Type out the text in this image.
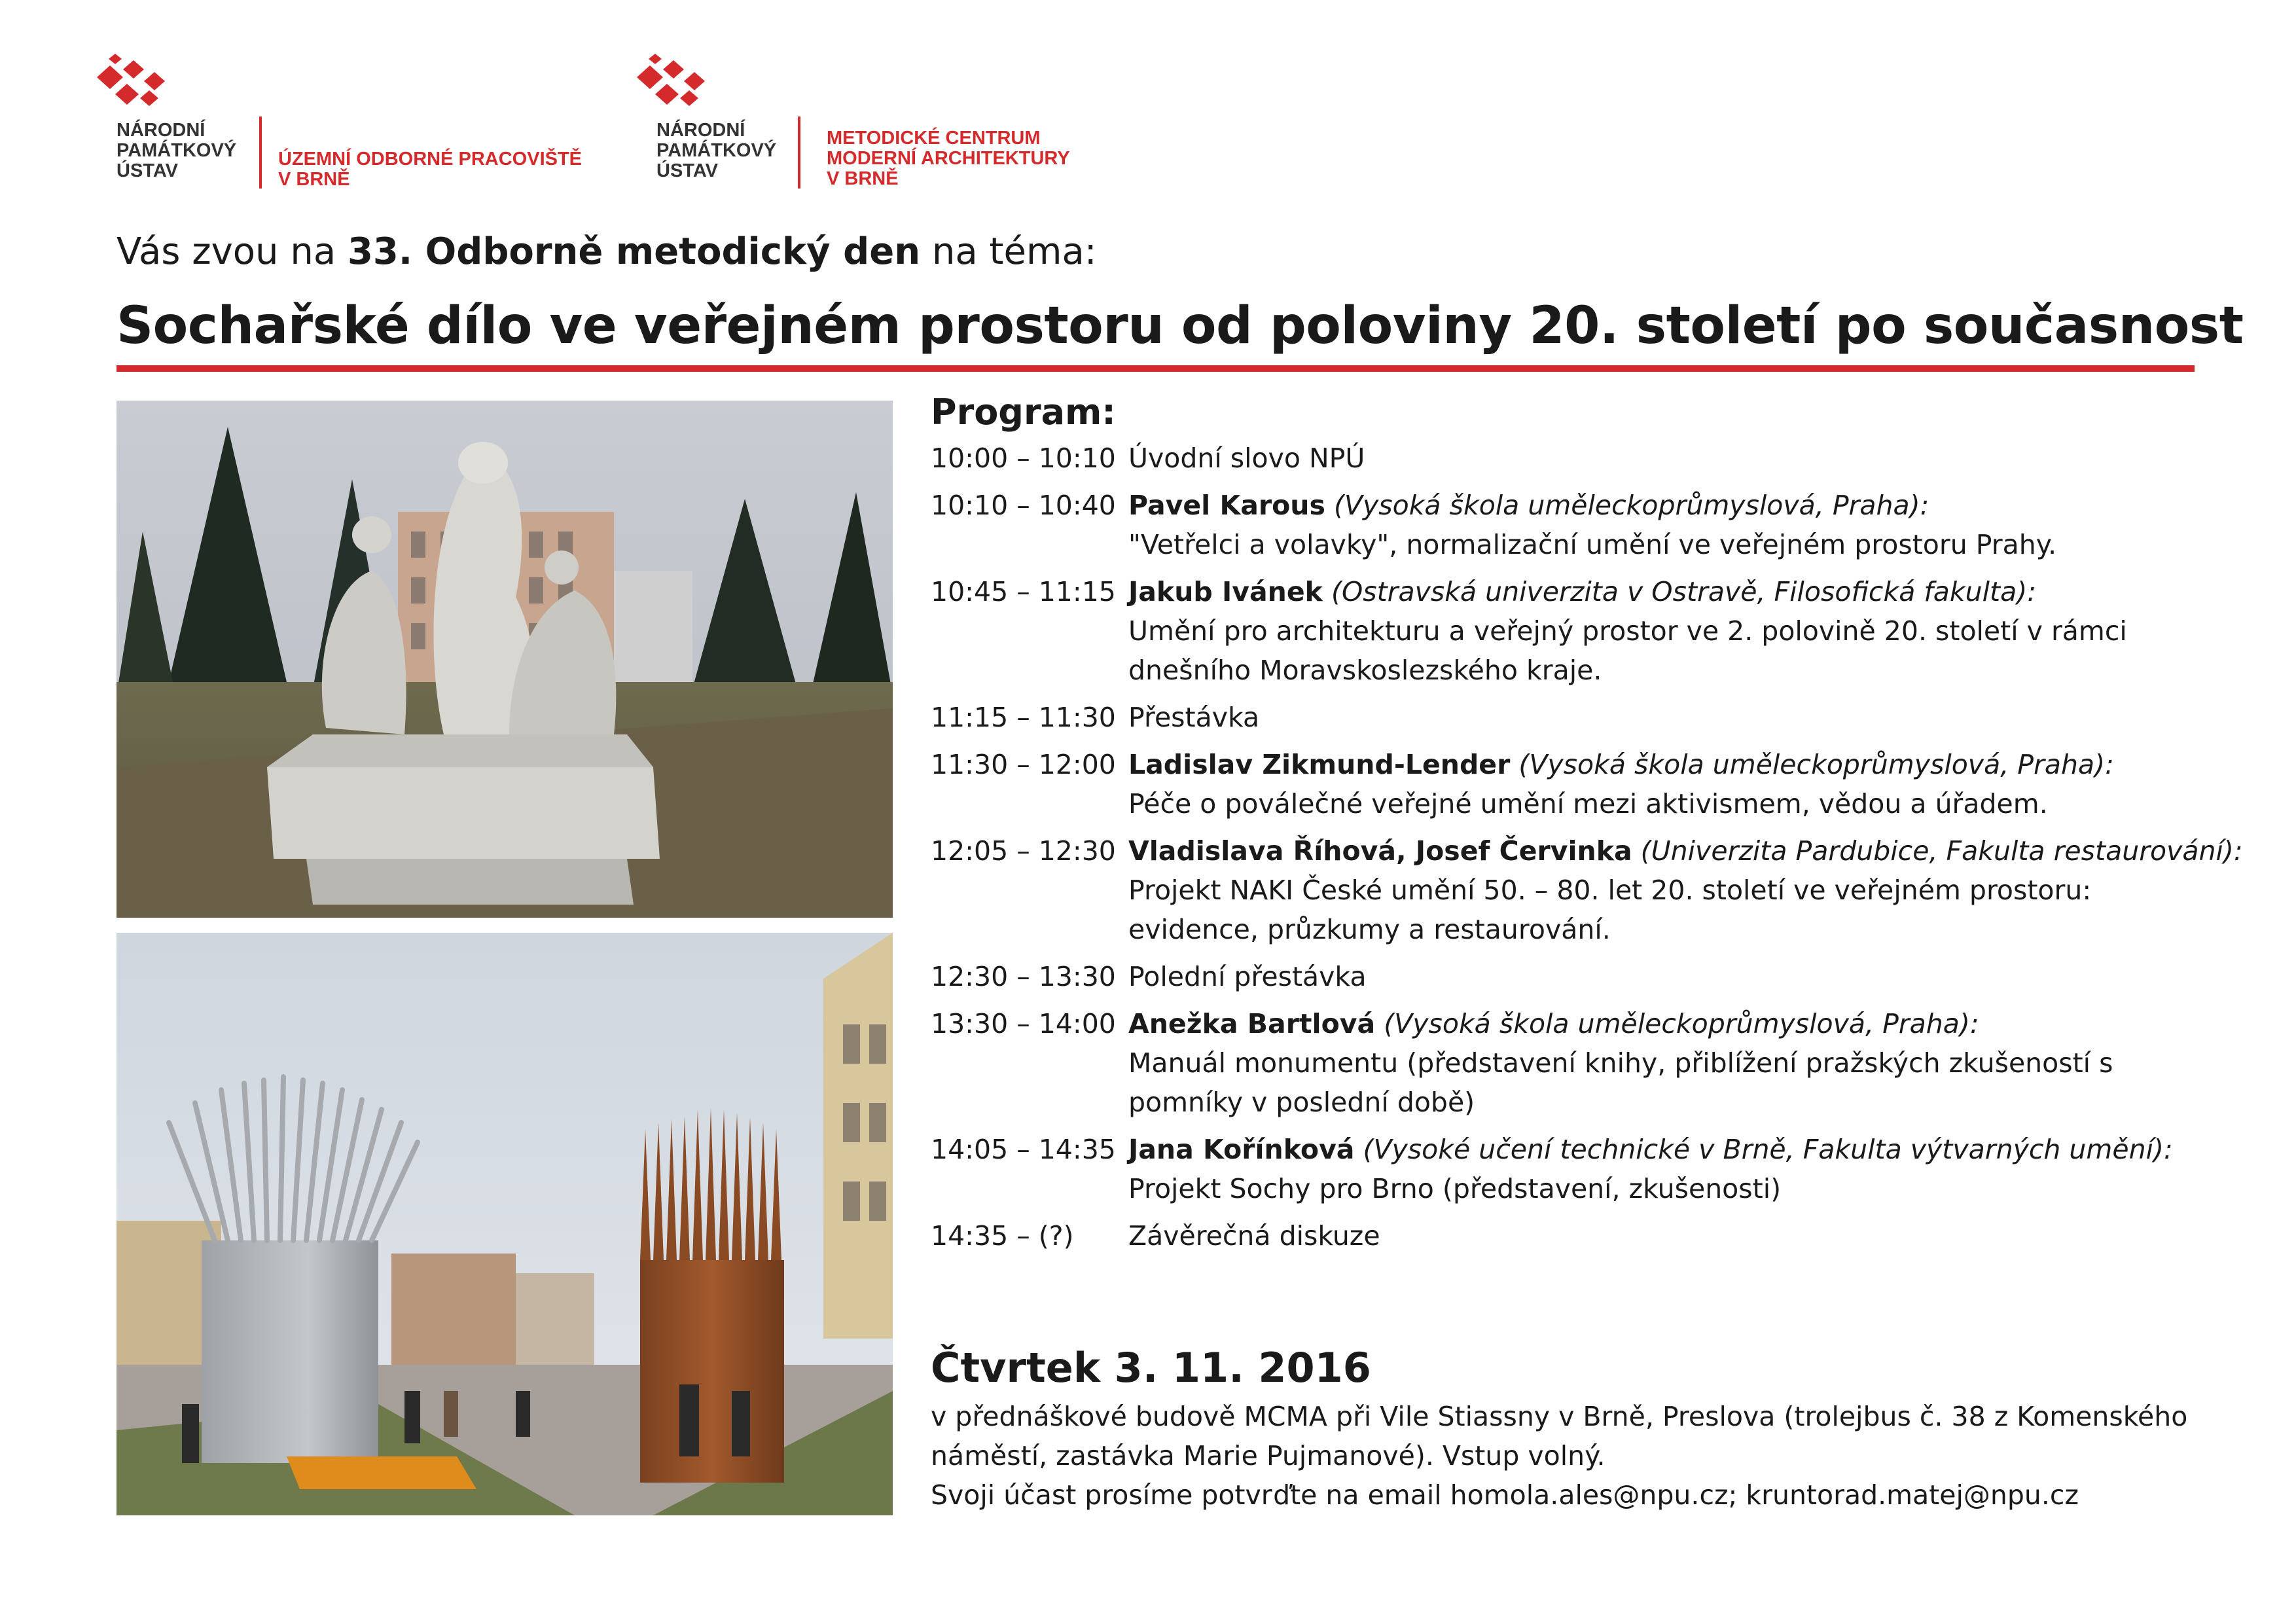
NÁRODNÍ
PAMÁTKOVÝ
ÚSTAV
ÚZEMNÍ ODBORNÉ PRACOVIŠTĚ
V BRNĚ
NÁRODNÍ
PAMÁTKOVÝ
ÚSTAV
METODICKÉ CENTRUM
MODERNÍ ARCHITEKTURY
V BRNĚ
Vás zvou na 33. Odborně metodický den na téma:
Sochařské dílo ve veřejném prostoru od poloviny 20. století po současnost
Program:
10:00 – 10:10 Úvodní slovo NPÚ
10:10 – 10:40 Pavel Karous (Vysoká škola uměleckoprůmyslová, Praha):
"Vetřelci a volavky", normalizační umění ve veřejném prostoru Prahy.
10:45 – 11:15 Jakub Ivánek (Ostravská univerzita v Ostravě, Filosofická fakulta):
Umění pro architekturu a veřejný prostor ve 2. polovině 20. století v rámci
dnešního Moravskoslezského kraje.
11:15 – 11:30 Přestávka
11:30 – 12:00 Ladislav Zikmund-Lender (Vysoká škola uměleckoprůmyslová, Praha):
Péče o poválečné veřejné umění mezi aktivismem, vědou a úřadem.
12:05 – 12:30 Vladislava Říhová, Josef Červinka (Univerzita Pardubice, Fakulta restaurování):
Projekt NAKI České umění 50. – 80. let 20. století ve veřejném prostoru:
evidence, průzkumy a restaurování.
12:30 – 13:30 Polední přestávka
13:30 – 14:00 Anežka Bartlová (Vysoká škola uměleckoprůmyslová, Praha):
Manuál monumentu (představení knihy, přiblížení pražských zkušeností s
pomníky v poslední době)
14:05 – 14:35 Jana Kořínková (Vysoké učení technické v Brně, Fakulta výtvarných umění):
Projekt Sochy pro Brno (představení, zkušenosti)
14:35 – (?) Závěrečná diskuze
Čtvrtek 3. 11. 2016
v přednáškové budově MCMA při Vile Stiassny v Brně, Preslova (trolejbus č. 38 z Komenského
náměstí, zastávka Marie Pujmanové). Vstup volný.
Svoji účast prosíme potvrďte na email homola.ales@npu.cz; kruntorad.matej@npu.cz
